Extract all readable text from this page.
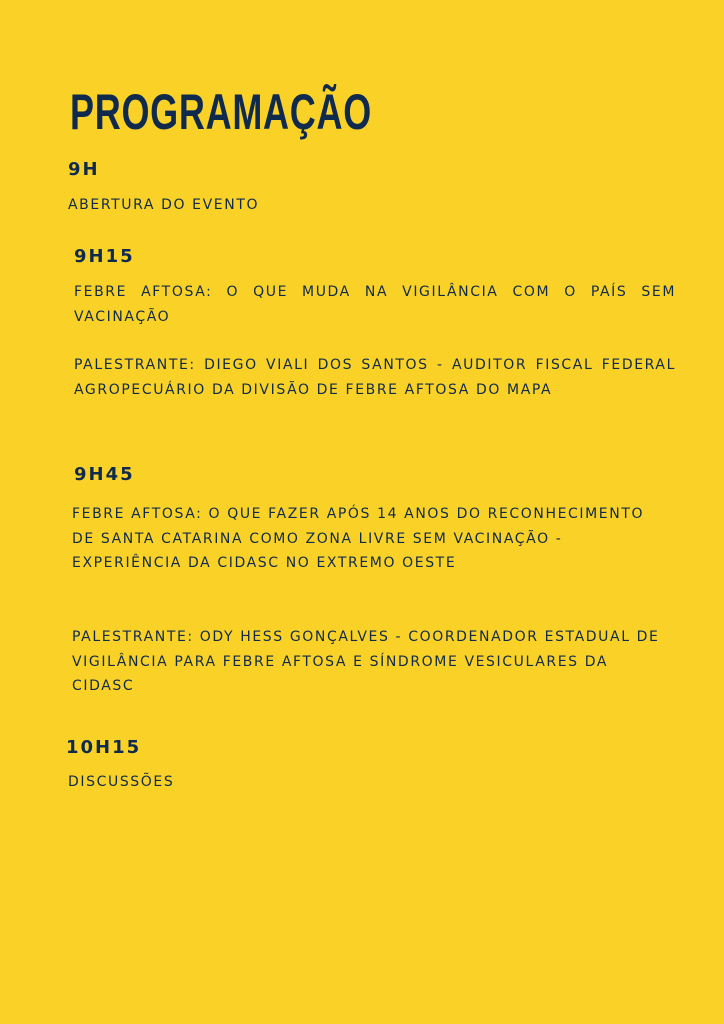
PROGRAMAÇÃO
9H

ABERTURA DO EVENTO

9H15

FEBRE AFTOSA: O QUE MUDA NA VIGILÂNCIA COM O PAÍS SEM VACINAÇÃO

PALESTRANTE: DIEGO VIALI DOS SANTOS - AUDITOR FISCAL FEDERAL AGROPECUÁRIO DA DIVISÃO DE FEBRE AFTOSA DO MAPA

9H45

FEBRE AFTOSA: O QUE FAZER APÓS 14 ANOS DO RECONHECIMENTO DE SANTA CATARINA COMO ZONA LIVRE SEM VACINAÇÃO - EXPERIÊNCIA DA CIDASC NO EXTREMO OESTE

PALESTRANTE: ODY HESS GONÇALVES - COORDENADOR ESTADUAL DE VIGILÂNCIA PARA FEBRE AFTOSA E SÍNDROME VESICULARES DA CIDASC

10H15

DISCUSSÕES
